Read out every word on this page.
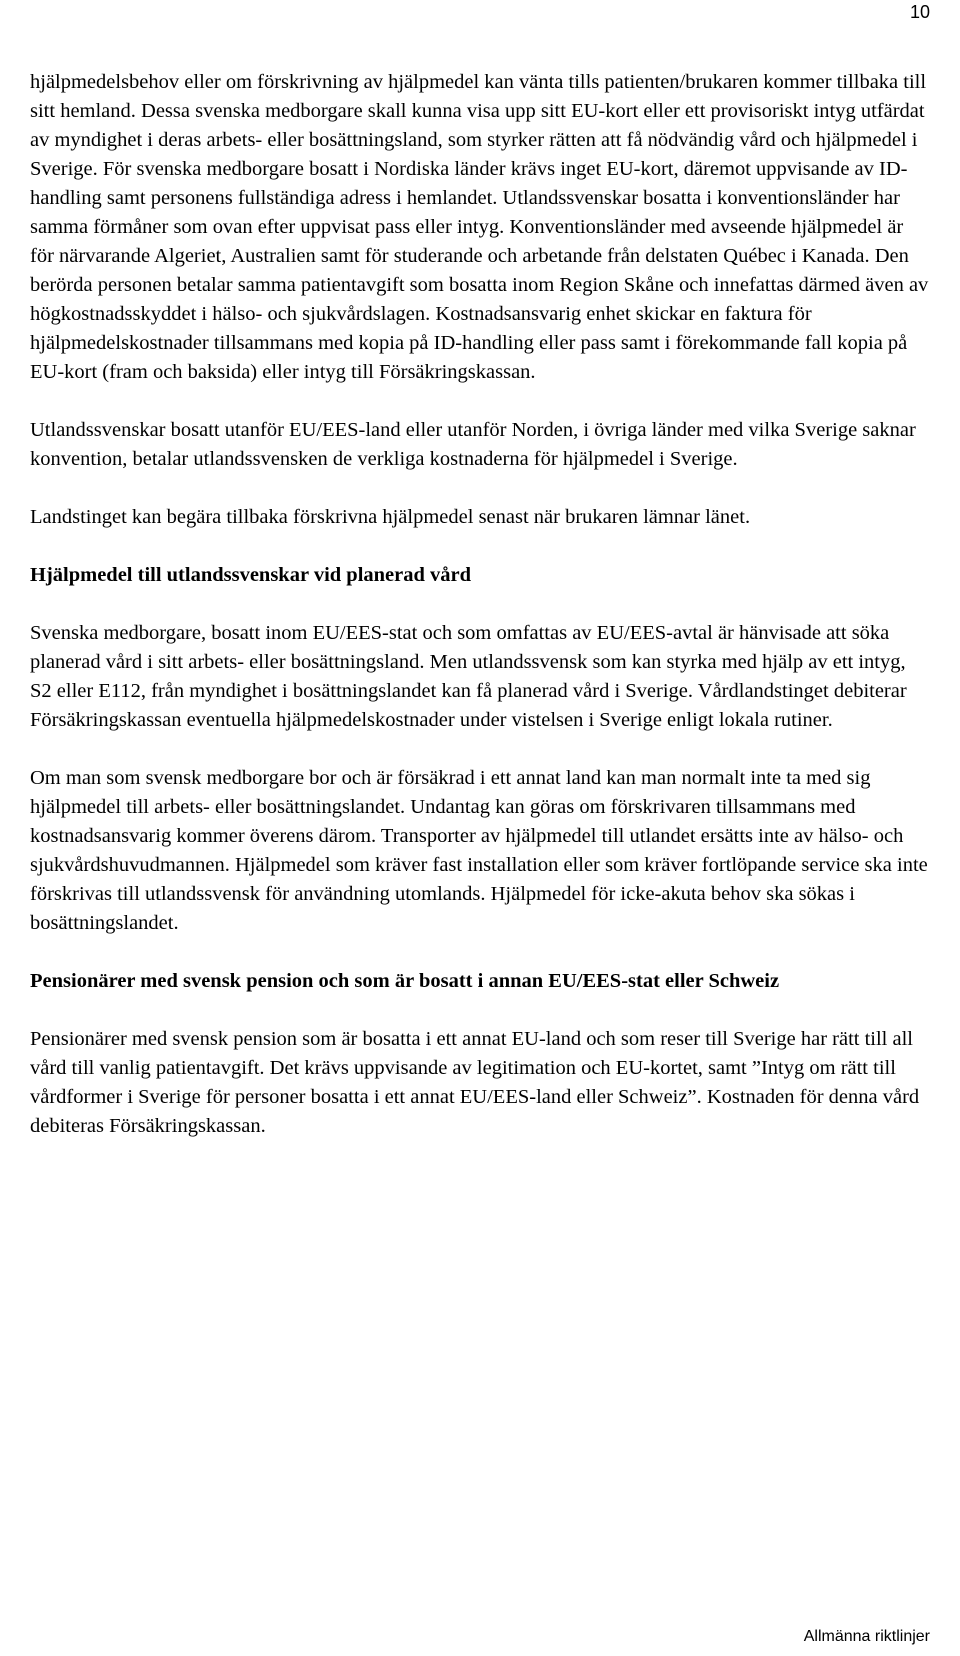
10

hjälpmedelsbehov eller om förskrivning av hjälpmedel kan vänta tills patienten/brukaren kommer tillbaka till sitt hemland. Dessa svenska medborgare skall kunna visa upp sitt EU-kort eller ett provisoriskt intyg utfärdat av myndighet i deras arbets- eller bosättningsland, som styrker rätten att få nödvändig vård och hjälpmedel i Sverige. För svenska medborgare bosatt i Nordiska länder krävs inget EU-kort, däremot uppvisande av ID-handling samt personens fullständiga adress i hemlandet. Utlandssvenskar bosatta i konventionsländer har samma förmåner som ovan efter uppvisat pass eller intyg. Konventionsländer med avseende hjälpmedel är för närvarande Algeriet, Australien samt för studerande och arbetande från delstaten Québec i Kanada. Den berörda personen betalar samma patientavgift som bosatta inom Region Skåne och innefattas därmed även av högkostnadsskyddet i hälso- och sjukvårdslagen. Kostnadsansvarig enhet skickar en faktura för hjälpmedelskostnader tillsammans med kopia på ID-handling eller pass samt i förekommande fall kopia på EU-kort (fram och baksida) eller intyg till Försäkringskassan.

Utlandssvenskar bosatt utanför EU/EES-land eller utanför Norden, i övriga länder med vilka Sverige saknar konvention, betalar utlandssvensken de verkliga kostnaderna för hjälpmedel i Sverige.

Landstinget kan begära tillbaka förskrivna hjälpmedel senast när brukaren lämnar länet.

Hjälpmedel till utlandssvenskar vid planerad vård

Svenska medborgare, bosatt inom EU/EES-stat och som omfattas av EU/EES-avtal är hänvisade att söka planerad vård i sitt arbets- eller bosättningsland. Men utlandssvensk som kan styrka med hjälp av ett intyg, S2 eller E112, från myndighet i bosättningslandet kan få planerad vård i Sverige. Vårdlandstinget debiterar Försäkringskassan eventuella hjälpmedelskostnader under vistelsen i Sverige enligt lokala rutiner.

Om man som svensk medborgare bor och är försäkrad i ett annat land kan man normalt inte ta med sig hjälpmedel till arbets- eller bosättningslandet. Undantag kan göras om förskrivaren tillsammans med kostnadsansvarig kommer överens därom. Transporter av hjälpmedel till utlandet ersätts inte av hälso- och sjukvårdshuvudmannen. Hjälpmedel som kräver fast installation eller som kräver fortlöpande service ska inte förskrivas till utlandssvensk för användning utomlands. Hjälpmedel för icke-akuta behov ska sökas i bosättningslandet.

Pensionärer med svensk pension och som är bosatt i annan EU/EES-stat eller Schweiz

Pensionärer med svensk pension som är bosatta i ett annat EU-land och som reser till Sverige har rätt till all vård till vanlig patientavgift. Det krävs uppvisande av legitimation och EU-kortet, samt ”Intyg om rätt till vårdformer i Sverige för personer bosatta i ett annat EU/EES-land eller Schweiz”. Kostnaden för denna vård debiteras Försäkringskassan.

Allmänna riktlinjer
